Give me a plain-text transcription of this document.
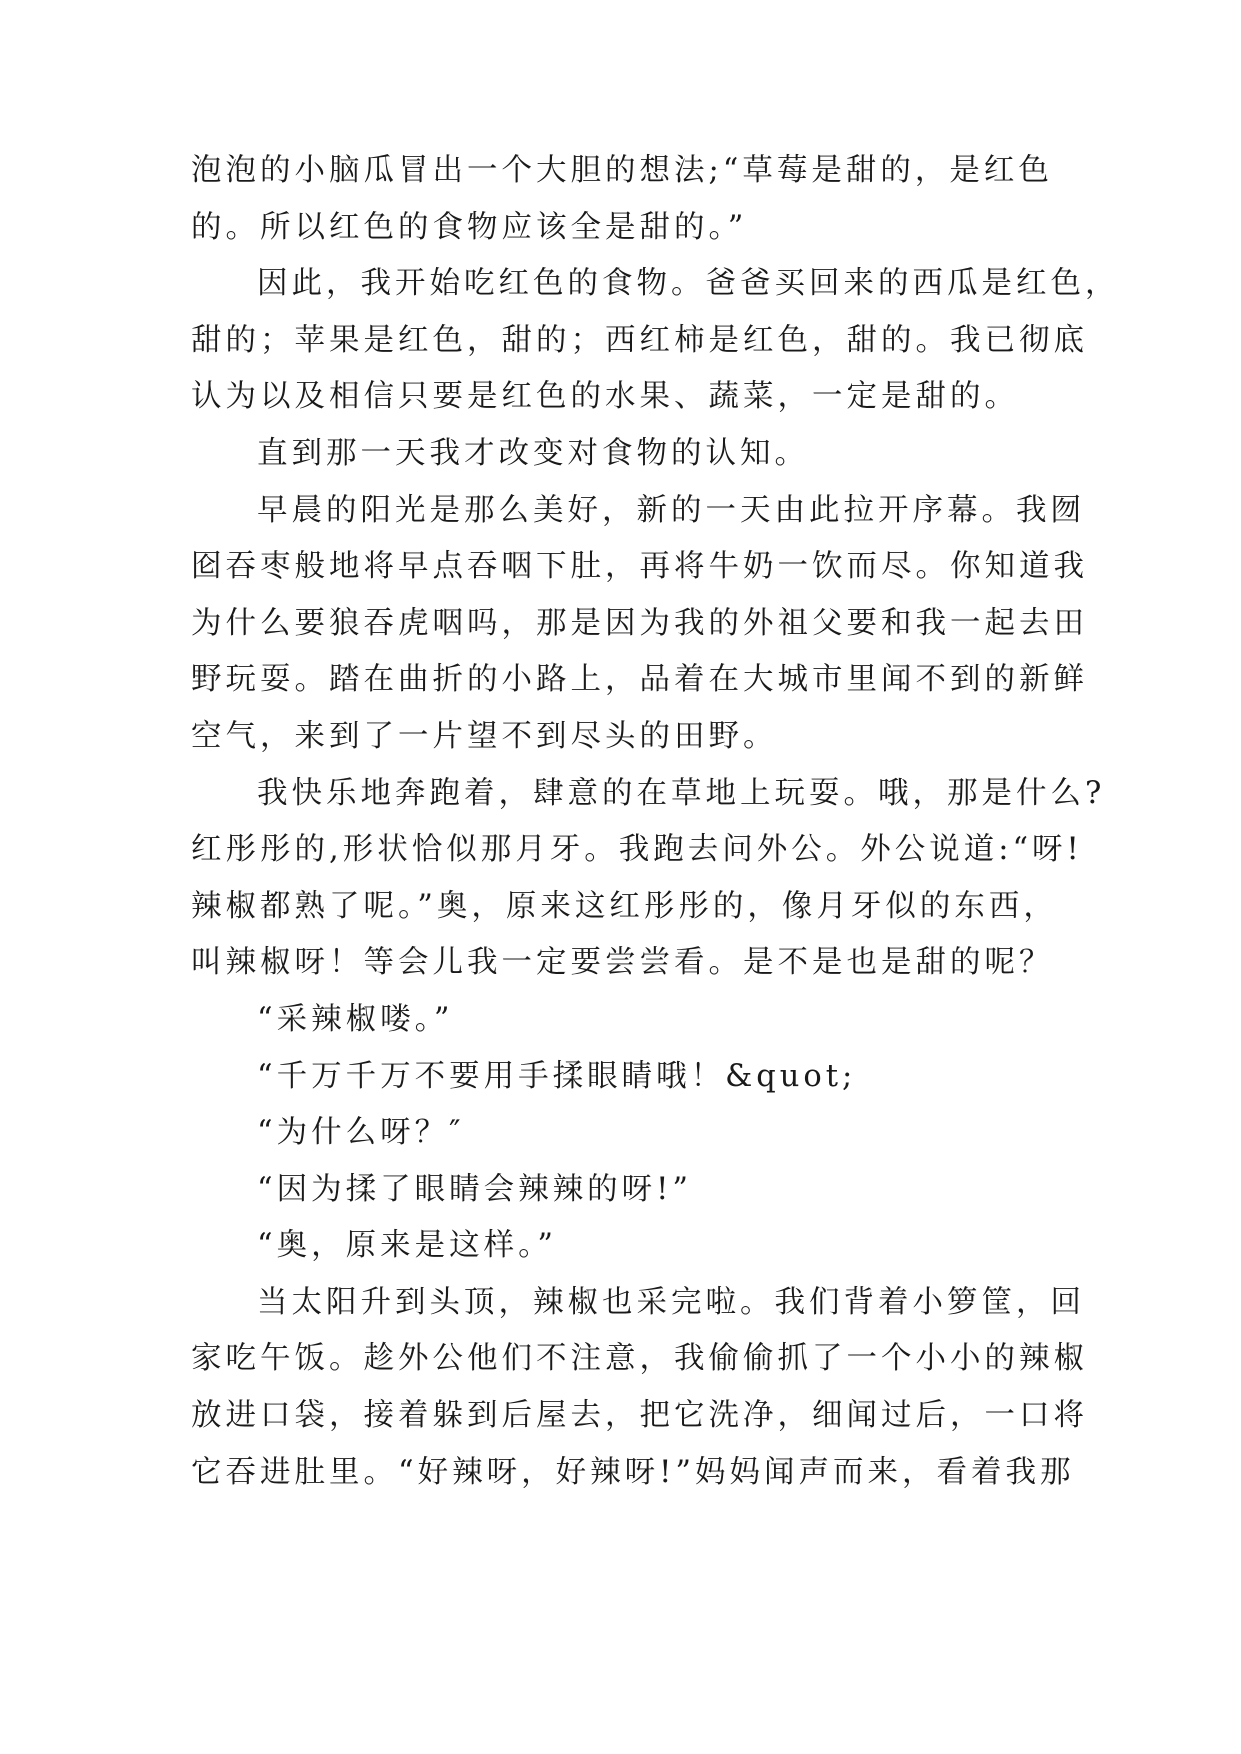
泡泡的小脑瓜冒出一个大胆的想法;“草莓是甜的，是红色
的。所以红色的食物应该全是甜的。”
因此，我开始吃红色的食物。爸爸买回来的西瓜是红色，
甜的；苹果是红色，甜的；西红柿是红色，甜的。我已彻底
认为以及相信只要是红色的水果、蔬菜，一定是甜的。
直到那一天我才改变对食物的认知。
早晨的阳光是那么美好，新的一天由此拉开序幕。我囫
囵吞枣般地将早点吞咽下肚，再将牛奶一饮而尽。你知道我
为什么要狼吞虎咽吗，那是因为我的外祖父要和我一起去田
野玩耍。踏在曲折的小路上，品着在大城市里闻不到的新鲜
空气，来到了一片望不到尽头的田野。
我快乐地奔跑着，肆意的在草地上玩耍。哦，那是什么?
红彤彤的,形状恰似那月牙。我跑去问外公。外公说道:“呀!
辣椒都熟了呢。”奥，原来这红彤彤的，像月牙似的东西，
叫辣椒呀！等会儿我一定要尝尝看。是不是也是甜的呢？
“采辣椒喽。”
“千万千万不要用手揉眼睛哦！&quot;
“为什么呀？″
“因为揉了眼睛会辣辣的呀!”
“奥，原来是这样。”
当太阳升到头顶，辣椒也采完啦。我们背着小箩筐，回
家吃午饭。趁外公他们不注意，我偷偷抓了一个小小的辣椒
放进口袋，接着躲到后屋去，把它洗净，细闻过后，一口将
它吞进肚里。“好辣呀，好辣呀!”妈妈闻声而来，看着我那
